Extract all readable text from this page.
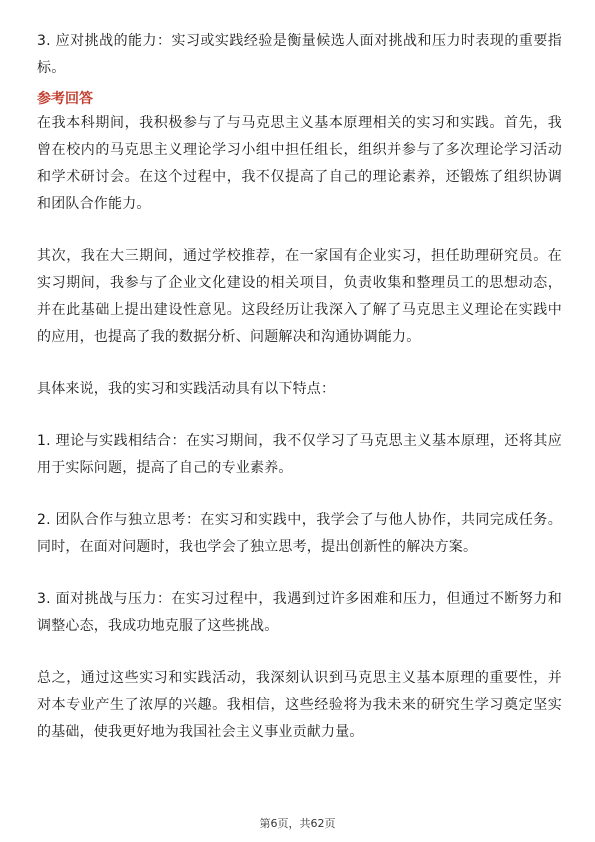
3. 应对挑战的能力：实习或实践经验是衡量候选人面对挑战和压力时表现的重要指标。

参考回答

在我本科期间，我积极参与了与马克思主义基本原理相关的实习和实践。首先，我曾在校内的马克思主义理论学习小组中担任组长，组织并参与了多次理论学习活动和学术研讨会。在这个过程中，我不仅提高了自己的理论素养，还锻炼了组织协调和团队合作能力。

其次，我在大三期间，通过学校推荐，在一家国有企业实习，担任助理研究员。在实习期间，我参与了企业文化建设的相关项目，负责收集和整理员工的思想动态，并在此基础上提出建设性意见。这段经历让我深入了解了马克思主义理论在实践中的应用，也提高了我的数据分析、问题解决和沟通协调能力。

具体来说，我的实习和实践活动具有以下特点：

1. 理论与实践相结合：在实习期间，我不仅学习了马克思主义基本原理，还将其应用于实际问题，提高了自己的专业素养。

2. 团队合作与独立思考：在实习和实践中，我学会了与他人协作，共同完成任务。同时，在面对问题时，我也学会了独立思考，提出创新性的解决方案。

3. 面对挑战与压力：在实习过程中，我遇到过许多困难和压力，但通过不断努力和调整心态，我成功地克服了这些挑战。

总之，通过这些实习和实践活动，我深刻认识到马克思主义基本原理的重要性，并对本专业产生了浓厚的兴趣。我相信，这些经验将为我未来的研究生学习奠定坚实的基础，使我更好地为我国社会主义事业贡献力量。

第6页，共62页
